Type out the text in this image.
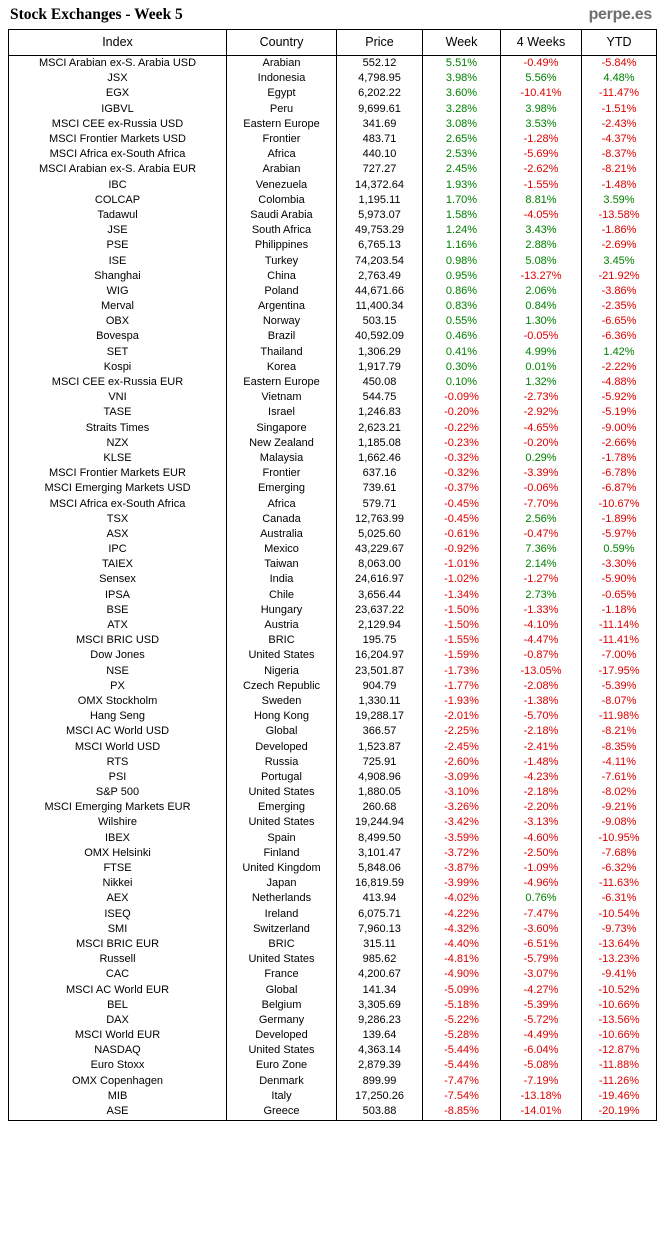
Stock Exchanges - Week 5	perpe.es
Index	Country	Price	Week	4 Weeks	YTD
MSCI Arabian ex-S. Arabia USD	Arabian	552.12	5.51%	-0.49%	-5.84%
JSX	Indonesia	4,798.95	3.98%	5.56%	4.48%
EGX	Egypt	6,202.22	3.60%	-10.41%	-11.47%
IGBVL	Peru	9,699.61	3.28%	3.98%	-1.51%
MSCI CEE ex-Russia USD	Eastern Europe	341.69	3.08%	3.53%	-2.43%
MSCI Frontier Markets USD	Frontier	483.71	2.65%	-1.28%	-4.37%
MSCI Africa ex-South Africa	Africa	440.10	2.53%	-5.69%	-8.37%
MSCI Arabian ex-S. Arabia EUR	Arabian	727.27	2.45%	-2.62%	-8.21%
IBC	Venezuela	14,372.64	1.93%	-1.55%	-1.48%
COLCAP	Colombia	1,195.11	1.70%	8.81%	3.59%
Tadawul	Saudi Arabia	5,973.07	1.58%	-4.05%	-13.58%
JSE	South Africa	49,753.29	1.24%	3.43%	-1.86%
PSE	Philippines	6,765.13	1.16%	2.88%	-2.69%
ISE	Turkey	74,203.54	0.98%	5.08%	3.45%
Shanghai	China	2,763.49	0.95%	-13.27%	-21.92%
WIG	Poland	44,671.66	0.86%	2.06%	-3.86%
Merval	Argentina	11,400.34	0.83%	0.84%	-2.35%
OBX	Norway	503.15	0.55%	1.30%	-6.65%
Bovespa	Brazil	40,592.09	0.46%	-0.05%	-6.36%
SET	Thailand	1,306.29	0.41%	4.99%	1.42%
Kospi	Korea	1,917.79	0.30%	0.01%	-2.22%
MSCI CEE ex-Russia EUR	Eastern Europe	450.08	0.10%	1.32%	-4.88%
VNI	Vietnam	544.75	-0.09%	-2.73%	-5.92%
TASE	Israel	1,246.83	-0.20%	-2.92%	-5.19%
Straits Times	Singapore	2,623.21	-0.22%	-4.65%	-9.00%
NZX	New Zealand	1,185.08	-0.23%	-0.20%	-2.66%
KLSE	Malaysia	1,662.46	-0.32%	0.29%	-1.78%
MSCI Frontier Markets EUR	Frontier	637.16	-0.32%	-3.39%	-6.78%
MSCI Emerging Markets USD	Emerging	739.61	-0.37%	-0.06%	-6.87%
MSCI Africa ex-South Africa	Africa	579.71	-0.45%	-7.70%	-10.67%
TSX	Canada	12,763.99	-0.45%	2.56%	-1.89%
ASX	Australia	5,025.60	-0.61%	-0.47%	-5.97%
IPC	Mexico	43,229.67	-0.92%	7.36%	0.59%
TAIEX	Taiwan	8,063.00	-1.01%	2.14%	-3.30%
Sensex	India	24,616.97	-1.02%	-1.27%	-5.90%
IPSA	Chile	3,656.44	-1.34%	2.73%	-0.65%
BSE	Hungary	23,637.22	-1.50%	-1.33%	-1.18%
ATX	Austria	2,129.94	-1.50%	-4.10%	-11.14%
MSCI BRIC USD	BRIC	195.75	-1.55%	-4.47%	-11.41%
Dow Jones	United States	16,204.97	-1.59%	-0.87%	-7.00%
NSE	Nigeria	23,501.87	-1.73%	-13.05%	-17.95%
PX	Czech Republic	904.79	-1.77%	-2.08%	-5.39%
OMX Stockholm	Sweden	1,330.11	-1.93%	-1.38%	-8.07%
Hang Seng	Hong Kong	19,288.17	-2.01%	-5.70%	-11.98%
MSCI AC World USD	Global	366.57	-2.25%	-2.18%	-8.21%
MSCI World USD	Developed	1,523.87	-2.45%	-2.41%	-8.35%
RTS	Russia	725.91	-2.60%	-1.48%	-4.11%
PSI	Portugal	4,908.96	-3.09%	-4.23%	-7.61%
S&P 500	United States	1,880.05	-3.10%	-2.18%	-8.02%
MSCI Emerging Markets EUR	Emerging	260.68	-3.26%	-2.20%	-9.21%
Wilshire	United States	19,244.94	-3.42%	-3.13%	-9.08%
IBEX	Spain	8,499.50	-3.59%	-4.60%	-10.95%
OMX Helsinki	Finland	3,101.47	-3.72%	-2.50%	-7.68%
FTSE	United Kingdom	5,848.06	-3.87%	-1.09%	-6.32%
Nikkei	Japan	16,819.59	-3.99%	-4.96%	-11.63%
AEX	Netherlands	413.94	-4.02%	0.76%	-6.31%
ISEQ	Ireland	6,075.71	-4.22%	-7.47%	-10.54%
SMI	Switzerland	7,960.13	-4.32%	-3.60%	-9.73%
MSCI BRIC EUR	BRIC	315.11	-4.40%	-6.51%	-13.64%
Russell	United States	985.62	-4.81%	-5.79%	-13.23%
CAC	France	4,200.67	-4.90%	-3.07%	-9.41%
MSCI AC World EUR	Global	141.34	-5.09%	-4.27%	-10.52%
BEL	Belgium	3,305.69	-5.18%	-5.39%	-10.66%
DAX	Germany	9,286.23	-5.22%	-5.72%	-13.56%
MSCI World EUR	Developed	139.64	-5.28%	-4.49%	-10.66%
NASDAQ	United States	4,363.14	-5.44%	-6.04%	-12.87%
Euro Stoxx	Euro Zone	2,879.39	-5.44%	-5.08%	-11.88%
OMX Copenhagen	Denmark	899.99	-7.47%	-7.19%	-11.26%
MIB	Italy	17,250.26	-7.54%	-13.18%	-19.46%
ASE	Greece	503.88	-8.85%	-14.01%	-20.19%
